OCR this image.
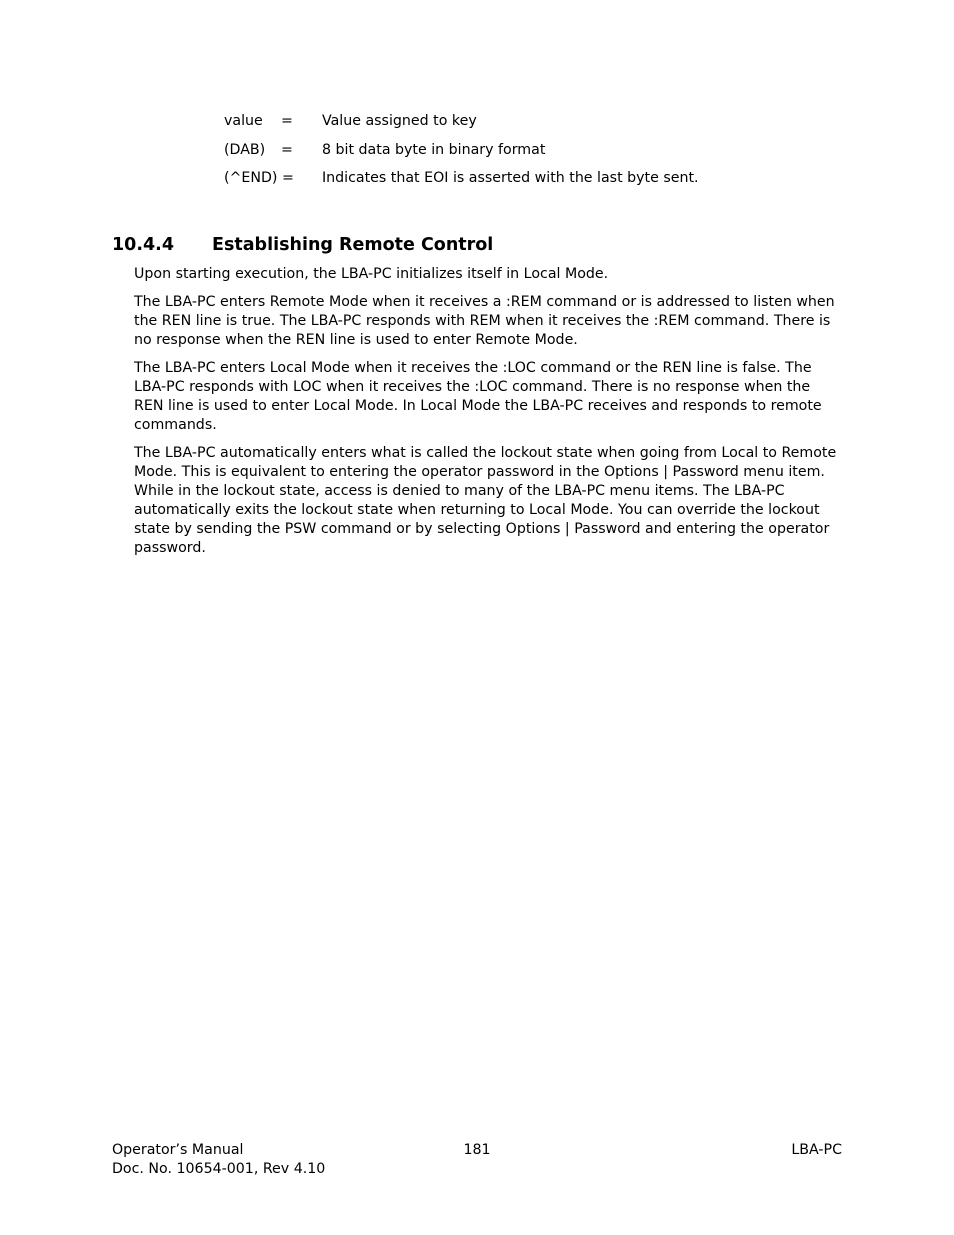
value = Value assigned to key
(DAB) = 8 bit data byte in binary format
(^END) = Indicates that EOI is asserted with the last byte sent.
10.4.4 Establishing Remote Control

Upon starting execution, the LBA-PC initializes itself in Local Mode.

The LBA-PC enters Remote Mode when it receives a :REM command or is addressed to listen when the REN line is true. The LBA-PC responds with REM when it receives the :REM command. There is no response when the REN line is used to enter Remote Mode.

The LBA-PC enters Local Mode when it receives the :LOC command or the REN line is false. The LBA-PC responds with LOC when it receives the :LOC command. There is no response when the REN line is used to enter Local Mode. In Local Mode the LBA-PC receives and responds to remote commands.

The LBA-PC automatically enters what is called the lockout state when going from Local to Remote Mode. This is equivalent to entering the operator password in the Options | Password menu item. While in the lockout state, access is denied to many of the LBA-PC menu items. The LBA-PC automatically exits the lockout state when returning to Local Mode. You can override the lockout state by sending the PSW command or by selecting Options | Password and entering the operator password.

Operator’s Manual
Doc. No. 10654-001, Rev 4.10
181	LBA-PC
